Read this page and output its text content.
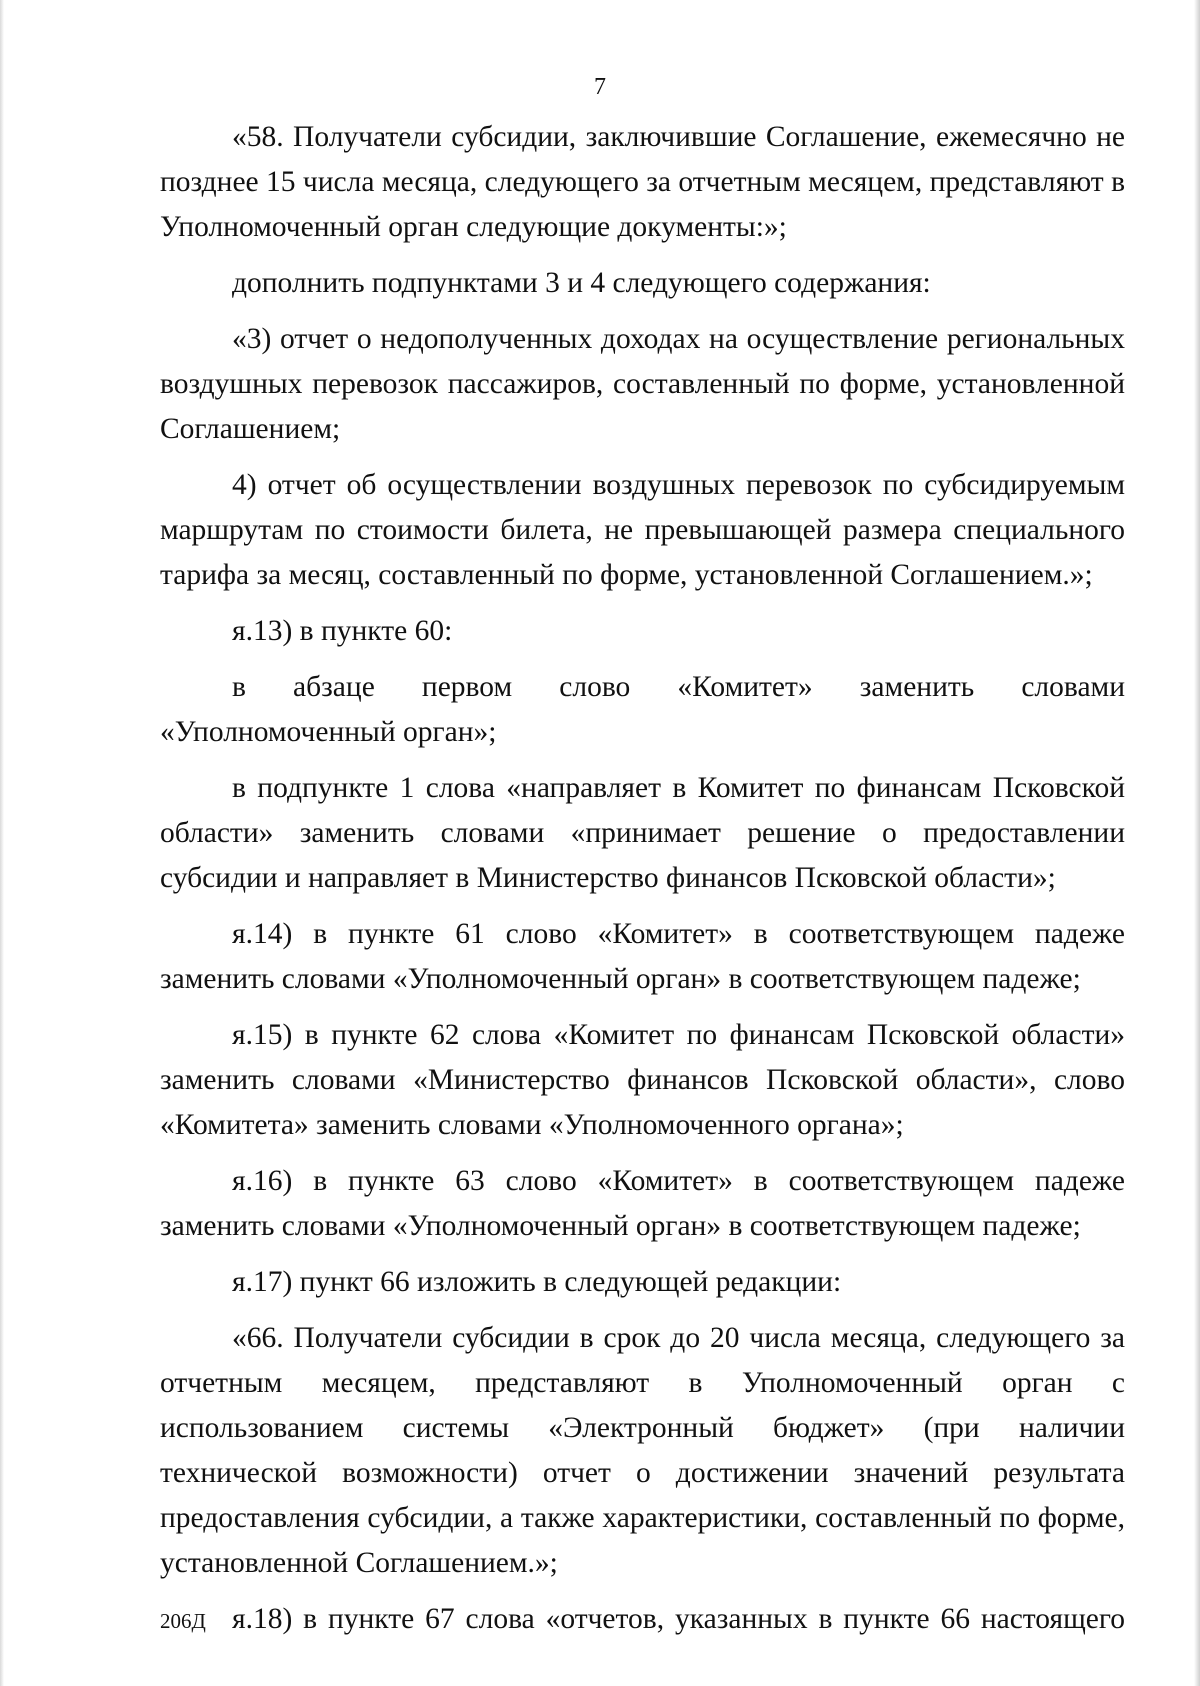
7

«58. Получатели субсидии, заключившие Соглашение, ежемесячно не позднее 15 числа месяца, следующего за отчетным месяцем, представляют в Уполномоченный орган следующие документы:»;

дополнить подпунктами 3 и 4 следующего содержания:

«3) отчет о недополученных доходах на осуществление региональных воздушных перевозок пассажиров, составленный по форме, установленной Соглашением;

4) отчет об осуществлении воздушных перевозок по субсидируемым маршрутам по стоимости билета, не превышающей размера специального тарифа за месяц, составленный по форме, установленной Соглашением.»;

я.13) в пункте 60:

в абзаце первом слово «Комитет» заменить словами «Уполномоченный орган»;

в подпункте 1 слова «направляет в Комитет по финансам Псковской области» заменить словами «принимает решение о предоставлении субсидии и направляет в Министерство финансов Псковской области»;

я.14) в пункте 61 слово «Комитет» в соответствующем падеже заменить словами «Уполномоченный орган» в соответствующем падеже;

я.15) в пункте 62 слова «Комитет по финансам Псковской области» заменить словами «Министерство финансов Псковской области», слово «Комитета» заменить словами «Уполномоченного органа»;

я.16) в пункте 63 слово «Комитет» в соответствующем падеже заменить словами «Уполномоченный орган» в соответствующем падеже;

я.17) пункт 66 изложить в следующей редакции:

«66. Получатели субсидии в срок до 20 числа месяца, следующего за отчетным месяцем, представляют в Уполномоченный орган с использованием системы «Электронный бюджет» (при наличии технической возможности) отчет о достижении значений результата предоставления субсидии, а также характеристики, составленный по форме, установленной Соглашением.»;

я.18) в пункте 67 слова «отчетов, указанных в пункте 66 настоящего

206Д
